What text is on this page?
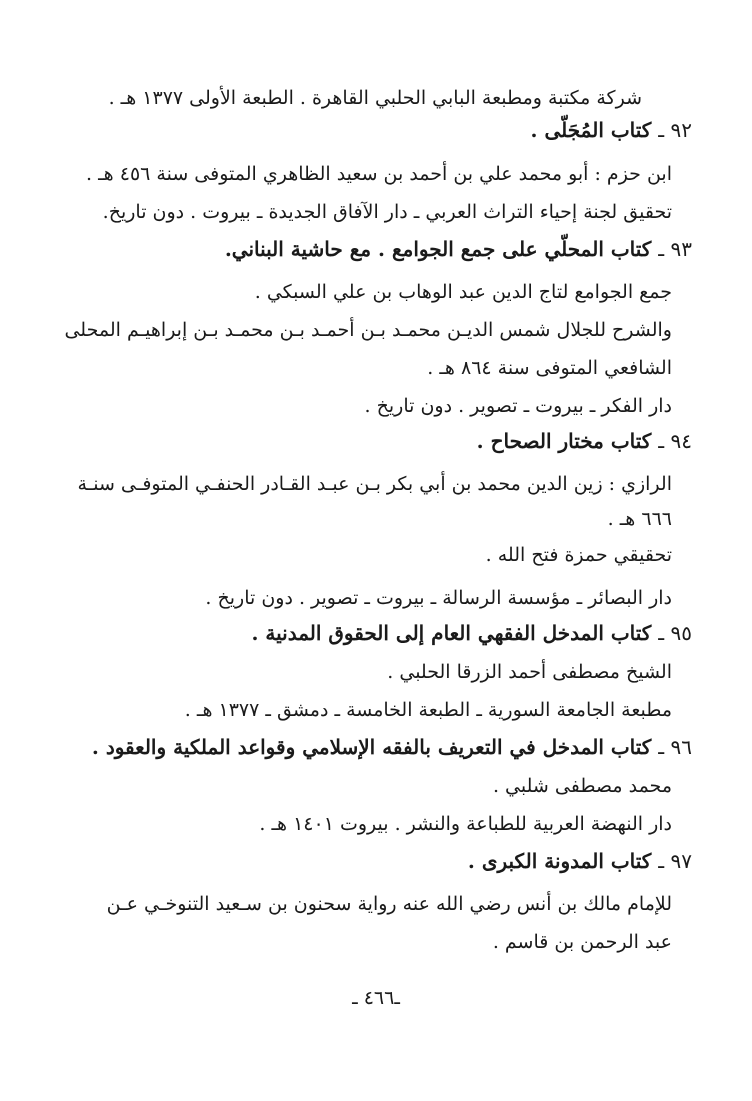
شركة مكتبة ومطبعة البابي الحلبي القاهرة . الطبعة الأولى ١٣٧٧ هـ .
٩٢ ـ كتاب المُجَلّى .
ابن حزم : أبو محمد علي بن أحمد بن سعيد الظاهري المتوفى سنة ٤٥٦ هـ .
تحقيق لجنة إحياء التراث العربي ـ دار الآفاق الجديدة ـ بيروت . دون تاريخ.
٩٣ ـ كتاب المحلّي على جمع الجوامع . مع حاشية البناني.
جمع الجوامع لتاج الدين عبد الوهاب بن علي السبكي .
والشرح للجلال شمس الديـن محمـد بـن أحمـد بـن محمـد بـن إبراهيـم المحلى
الشافعي المتوفى سنة ٨٦٤ هـ .
دار الفكر ـ بيروت ـ تصوير . دون تاريخ .
٩٤ ـ كتاب مختار الصحاح .
الرازي : زين الدين محمد بن أبي بكر بـن عبـد القـادر الحنفـي المتوفـى سنـة
٦٦٦ هـ .
تحقيقي حمزة فتح الله .
دار البصائر ـ مؤسسة الرسالة ـ بيروت ـ تصوير . دون تاريخ .
٩٥ ـ كتاب المدخل الفقهي العام إلى الحقوق المدنية .
الشيخ مصطفى أحمد الزرقا الحلبي .
مطبعة الجامعة السورية ـ الطبعة الخامسة ـ دمشق ـ ١٣٧٧ هـ .
٩٦ ـ كتاب المدخل في التعريف بالفقه الإسلامي وقواعد الملكية والعقود .
محمد مصطفى شلبي .
دار النهضة العربية للطباعة والنشر . بيروت ١٤٠١ هـ .
٩٧ ـ كتاب المدونة الكبرى .
للإمام مالك بن أنس رضي الله عنه رواية سحنون بن سـعيد التنوخـي عـن
عبد الرحمن بن قاسم .
ـ٤٦٦ ـ
